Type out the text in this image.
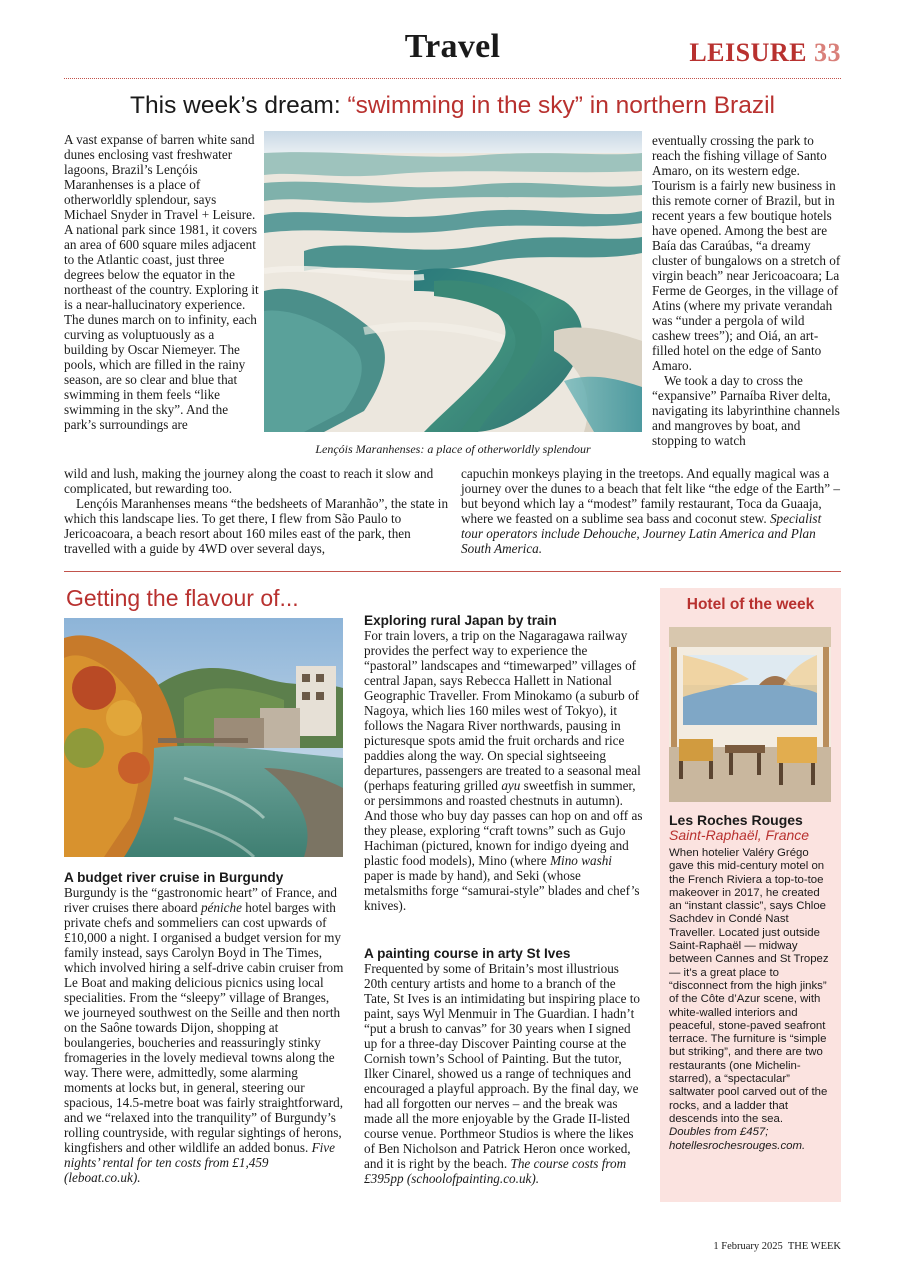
Travel	LEISURE 33
This week’s dream: “swimming in the sky” in northern Brazil
A vast expanse of barren white sand dunes enclosing vast freshwater lagoons, Brazil’s Lençóis Maranhenses is a place of otherworldly splendour, says Michael Snyder in Travel + Leisure. A national park since 1981, it covers an area of 600 square miles adjacent to the Atlantic coast, just three degrees below the equator in the northeast of the country. Exploring it is a near-hallucinatory experience. The dunes march on to infinity, each curving as voluptuously as a building by Oscar Niemeyer. The pools, which are filled in the rainy season, are so clear and blue that swimming in them feels “like swimming in the sky”. And the park’s surroundings are
Lençóis Maranhenses: a place of otherworldly splendour

eventually crossing the park to reach the fishing village of Santo Amaro, on its western edge. Tourism is a fairly new business in this remote corner of Brazil, but in recent years a few boutique hotels have opened. Among the best are Baía das Caraúbas, “a dreamy cluster of bungalows on a stretch of virgin beach” near Jericoacoara; La Ferme de Georges, in the village of Atins (where my private verandah was “under a pergola of wild cashew trees”); and Oiá, an art-filled hotel on the edge of Santo Amaro.

We took a day to cross the “expansive” Parnaíba River delta, navigating its labyrinthine channels and mangroves by boat, and stopping to watch

wild and lush, making the journey along the coast to reach it slow and complicated, but rewarding too.

Lençóis Maranhenses means “the bedsheets of Maranhão”, the state in which this landscape lies. To get there, I flew from São Paulo to Jericoacoara, a beach resort about 160 miles east of the park, then travelled with a guide by 4WD over several days,

capuchin monkeys playing in the treetops. And equally magical was a journey over the dunes to a beach that felt like “the edge of the Earth” – but beyond which lay a “modest” family restaurant, Toca da Guaaja, where we feasted on a sublime sea bass and coconut stew. Specialist tour operators include Dehouche, Journey Latin America and Plan South America.
Getting the flavour of...
A budget river cruise in Burgundy

Burgundy is the “gastronomic heart” of France, and river cruises there aboard péniche hotel barges with private chefs and sommeliers can cost upwards of £10,000 a night. I organised a budget version for my family instead, says Carolyn Boyd in The Times, which involved hiring a self-drive cabin cruiser from Le Boat and making delicious picnics using local specialities. From the “sleepy” village of Branges, we journeyed southwest on the Seille and then north on the Saône towards Dijon, shopping at boulangeries, boucheries and reassuringly stinky fromageries in the lovely medieval towns along the way. There were, admittedly, some alarming moments at locks but, in general, steering our spacious, 14.5-metre boat was fairly straightforward, and we “relaxed into the tranquility” of Burgundy’s rolling countryside, with regular sightings of herons, kingfishers and other wildlife an added bonus. Five nights’ rental for ten costs from £1,459 (leboat.co.uk).

Exploring rural Japan by train

For train lovers, a trip on the Nagaragawa railway provides the perfect way to experience the “pastoral” landscapes and “timewarped” villages of central Japan, says Rebecca Hallett in National Geographic Traveller. From Minokamo (a suburb of Nagoya, which lies 160 miles west of Tokyo), it follows the Nagara River northwards, pausing in picturesque spots amid the fruit orchards and rice paddies along the way. On special sightseeing departures, passengers are treated to a seasonal meal (perhaps featuring grilled ayu sweetfish in summer, or persimmons and roasted chestnuts in autumn). And those who buy day passes can hop on and off as they please, exploring “craft towns” such as Gujo Hachiman (pictured, known for indigo dyeing and plastic food models), Mino (where Mino washi paper is made by hand), and Seki (whose metalsmiths forge “samurai-style” blades and chef’s knives).

A painting course in arty St Ives

Frequented by some of Britain’s most illustrious 20th century artists and home to a branch of the Tate, St Ives is an intimidating but inspiring place to paint, says Wyl Menmuir in The Guardian. I hadn’t “put a brush to canvas” for 30 years when I signed up for a three-day Discover Painting course at the Cornish town’s School of Painting. But the tutor, Ilker Cinarel, showed us a range of techniques and encouraged a playful approach. By the final day, we had all forgotten our nerves – and the break was made all the more enjoyable by the Grade II-listed course venue. Porthmeor Studios is where the likes of Ben Nicholson and Patrick Heron once worked, and it is right by the beach. The course costs from £395pp (schoolofpainting.co.uk).

Hotel of the week
Les Roches Rouges
Saint-Raphaël, France

When hotelier Valéry Grégo gave this mid-century motel on the French Riviera a top-to-toe makeover in 2017, he created an “instant classic”, says Chloe Sachdev in Condé Nast Traveller. Located just outside Saint-Raphaël — midway between Cannes and St Tropez — it’s a great place to “disconnect from the high jinks” of the Côte d’Azur scene, with white-walled interiors and peaceful, stone-paved seafront terrace. The furniture is “simple but striking”, and there are two restaurants (one Michelin-starred), a “spectacular” saltwater pool carved out of the rocks, and a ladder that descends into the sea.

Doubles from £457; hotellesrochesrouges.com.

1 February 2025 THE WEEK
